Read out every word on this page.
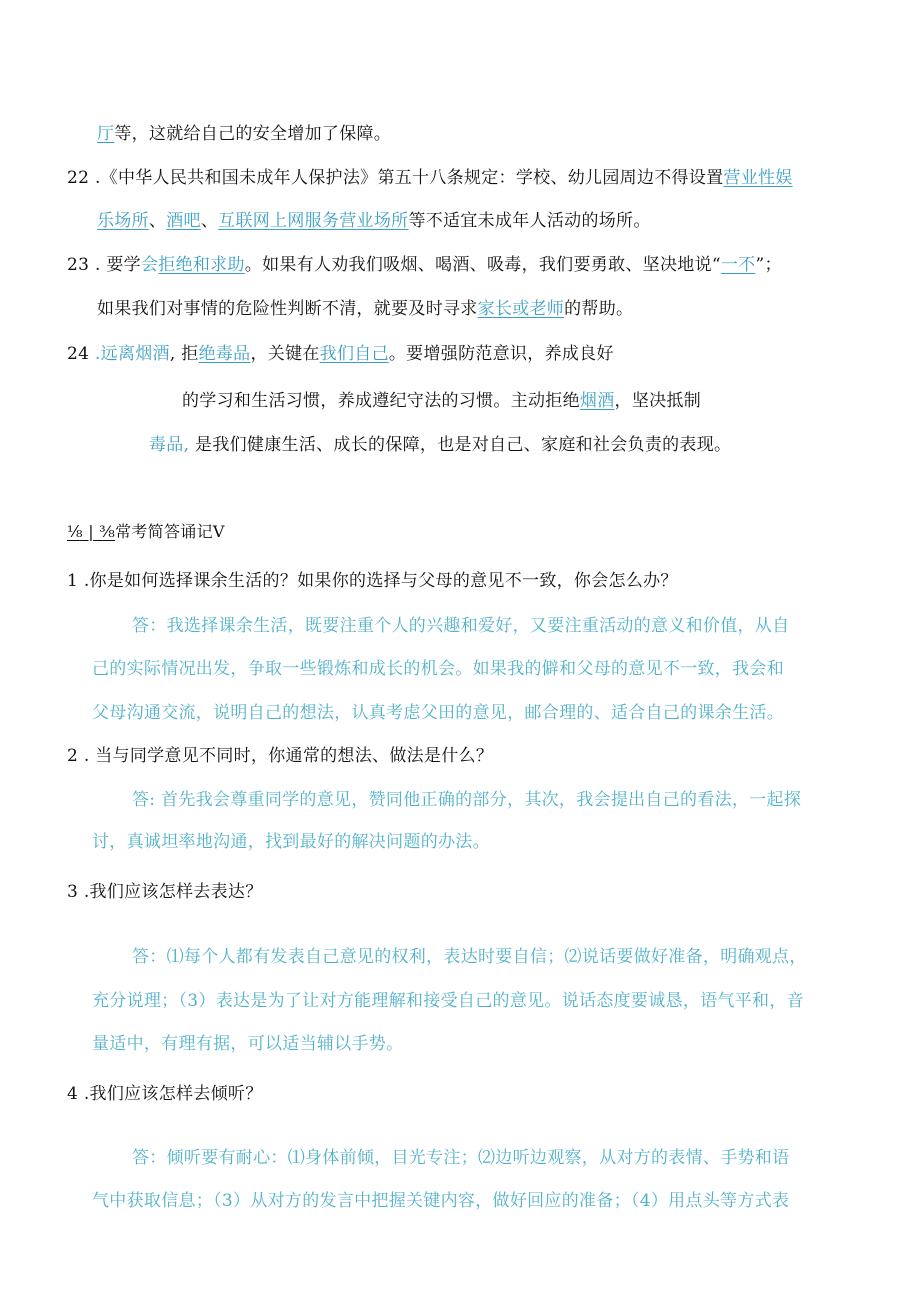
厅等，这就给自己的安全增加了保障。
22 .《中华人民共和国未成年人保护法》第五十八条规定：学校、幼儿园周边不得设置营业性娱
乐场所、酒吧、互联网上网服务营业场所等不适宜未成年人活动的场所。
23 . 要学会拒绝和求助。如果有人劝我们吸烟、喝酒、吸毒，我们要勇敢、坚决地说“一不”；
如果我们对事情的危险性判断不清，就要及时寻求家长或老师的帮助。
24 .远离烟酒, 拒绝毒品，关键在我们自己。要增强防范意识，养成良好
的学习和生活习惯，养成遵纪守法的习惯。主动拒绝烟酒，坚决抵制
毒品, 是我们健康生活、成长的保障，也是对自己、家庭和社会负责的表现。
⅛ | ⅜常考简答诵记Ⅴ
1 .你是如何选择课余生活的？如果你的选择与父母的意见不一致，你会怎么办？
答：我选择课余生活，既要注重个人的兴趣和爱好，又要注重活动的意义和价值，从自
己的实际情况出发，争取一些锻炼和成长的机会。如果我的僻和父母的意见不一致，我会和
父母沟通交流，说明自己的想法，认真考虑父田的意见，邮合理的、适合自己的课余生活。
2 . 当与同学意见不同时，你通常的想法、做法是什么？
答: 首先我会尊重同学的意见，赞同他正确的部分，其次，我会提出自己的看法，一起探
讨，真诚坦率地沟通，找到最好的解决问题的办法。
3 .我们应该怎样去表达？
答：⑴每个人都有发表自己意见的权利，表达时要自信；⑵说话要做好准备，明确观点，
充分说理；（3）表达是为了让对方能理解和接受自己的意见。说话态度要诚恳，语气平和，音
量适中，有理有据，可以适当辅以手势。
4 .我们应该怎样去倾听？
答：倾听要有耐心：⑴身体前倾，目光专注；⑵边听边观察，从对方的表情、手势和语
气中获取信息；（3）从对方的发言中把握关键内容，做好回应的准备；（4）用点头等方式表
